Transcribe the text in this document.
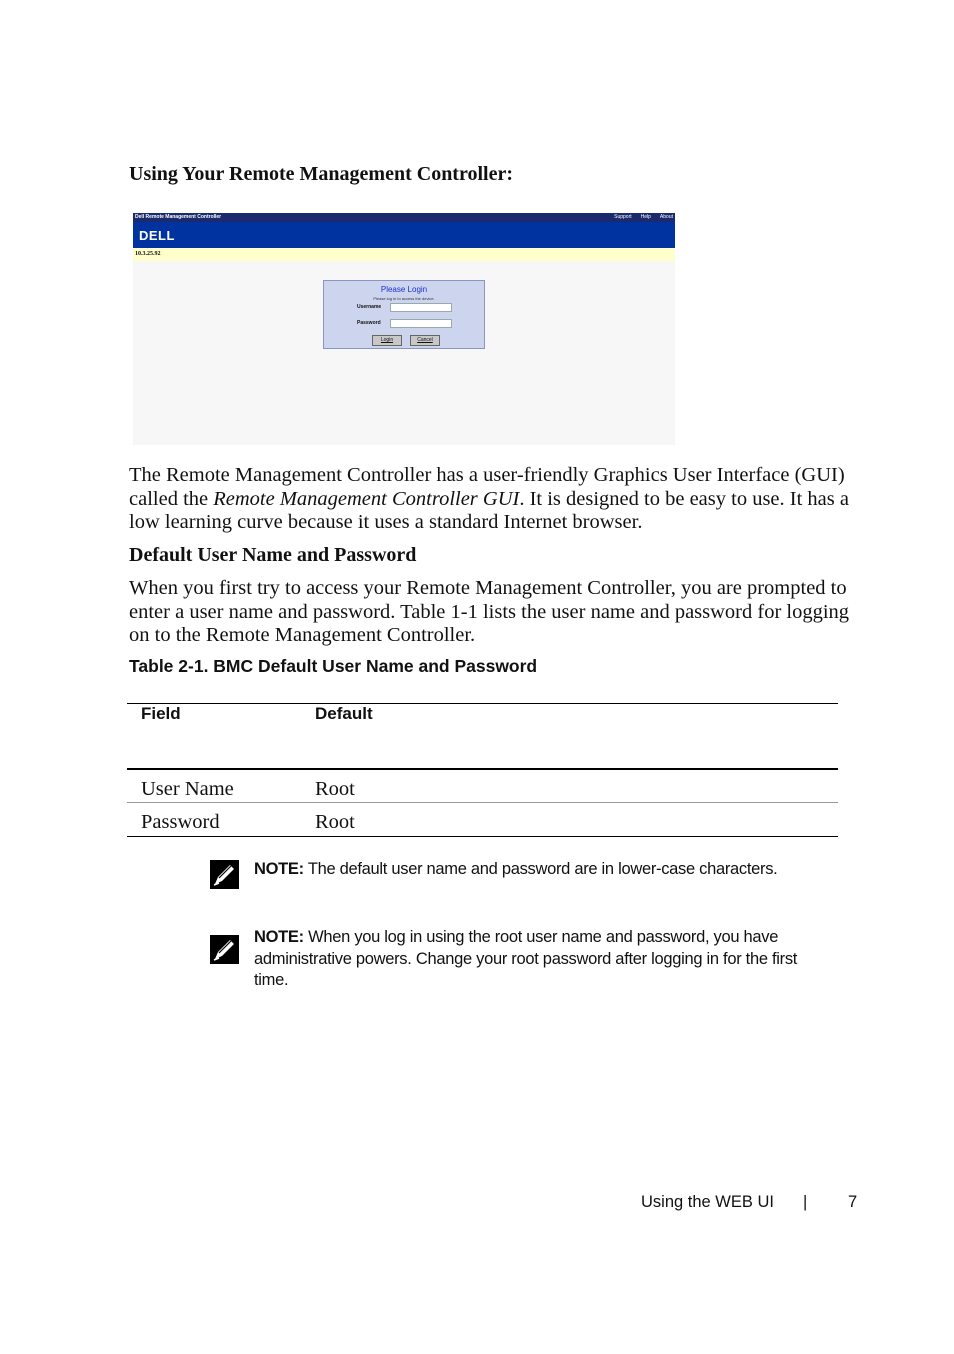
Using Your Remote Management Controller:
Dell Remote Management Controller	Support Help About
DELL
10.3.25.92
Please Login
Please log in to access the device.
Username
Password
Login	Cancel
The Remote Management Controller has a user-friendly Graphics User Interface (GUI) called the Remote Management Controller GUI. It is designed to be easy to use. It has a low learning curve because it uses a standard Internet browser.
Default User Name and Password
When you first try to access your Remote Management Controller, you are prompted to enter a user name and password. Table 1-1 lists the user name and password for logging on to the Remote Management Controller.
Table 2-1. BMC Default User Name and Password
Field	Default
User Name	Root
Password	Root
NOTE: The default user name and password are in lower-case characters.
NOTE: When you log in using the root user name and password, you have administrative powers. Change your root password after logging in for the first time.
Using the WEB UI | 7
